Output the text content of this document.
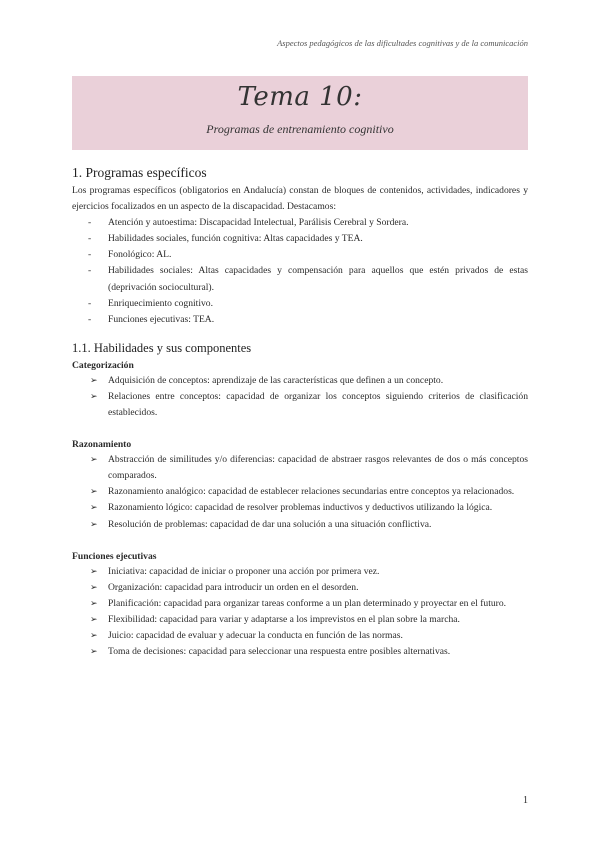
Aspectos pedagógicos de las dificultades cognitivas y de la comunicación
Tema 10:
Programas de entrenamiento cognitivo
1. Programas específicos

Los programas específicos (obligatorios en Andalucía) constan de bloques de contenidos, actividades, indicadores y ejercicios focalizados en un aspecto de la discapacidad. Destacamos:

- Atención y autoestima: Discapacidad Intelectual, Parálisis Cerebral y Sordera.
- Habilidades sociales, función cognitiva: Altas capacidades y TEA.
- Fonológico: AL.
- Habilidades sociales: Altas capacidades y compensación para aquellos que estén privados de estas (deprivación sociocultural).
- Enriquecimiento cognitivo.
- Funciones ejecutivas: TEA.
1.1. Habilidades y sus componentes

Categorización

➢ Adquisición de conceptos: aprendizaje de las características que definen a un concepto.
➢ Relaciones entre conceptos: capacidad de organizar los conceptos siguiendo criterios de clasificación establecidos.

Razonamiento

➢ Abstracción de similitudes y/o diferencias: capacidad de abstraer rasgos relevantes de dos o más conceptos comparados.
➢ Razonamiento analógico: capacidad de establecer relaciones secundarias entre conceptos ya relacionados.
➢ Razonamiento lógico: capacidad de resolver problemas inductivos y deductivos utilizando la lógica.
➢ Resolución de problemas: capacidad de dar una solución a una situación conflictiva.

Funciones ejecutivas

➢ Iniciativa: capacidad de iniciar o proponer una acción por primera vez.
➢ Organización: capacidad para introducir un orden en el desorden.
➢ Planificación: capacidad para organizar tareas conforme a un plan determinado y proyectar en el futuro.
➢ Flexibilidad: capacidad para variar y adaptarse a los imprevistos en el plan sobre la marcha.
➢ Juicio: capacidad de evaluar y adecuar la conducta en función de las normas.
➢ Toma de decisiones: capacidad para seleccionar una respuesta entre posibles alternativas.
1
